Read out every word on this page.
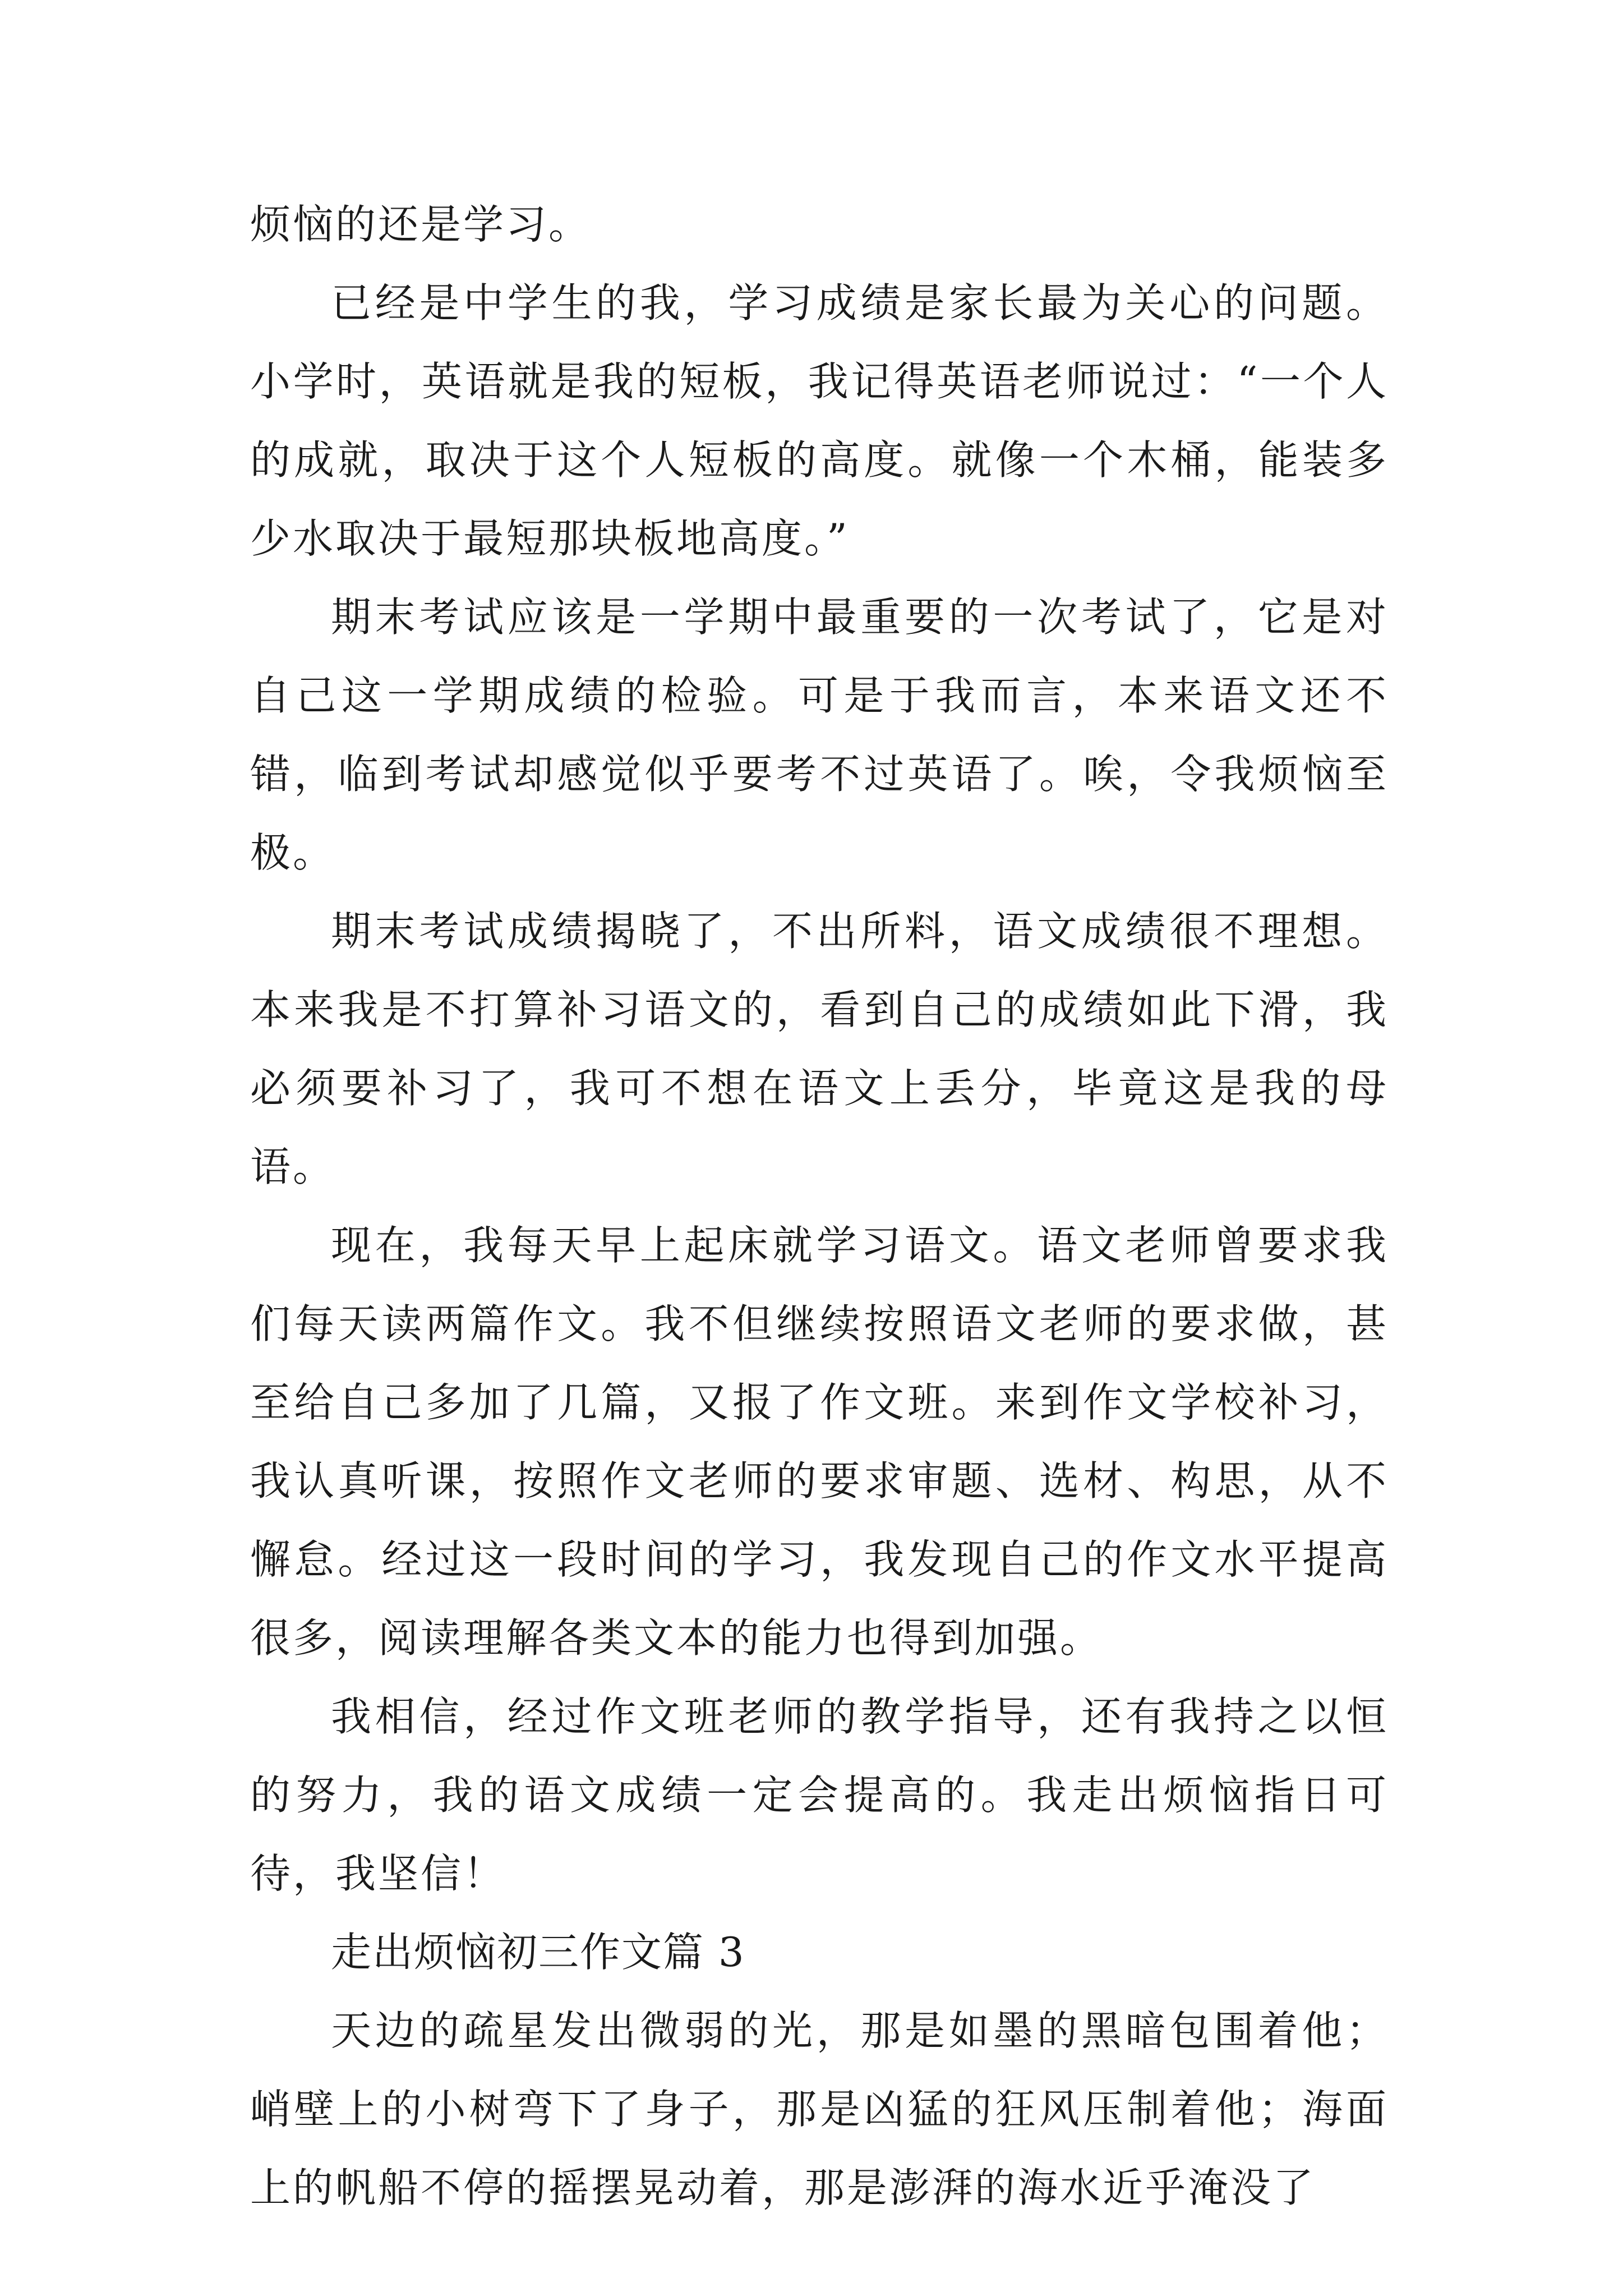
烦恼的还是学习。

已经是中学生的我，学习成绩是家长最为关心的问题。小学时，英语就是我的短板，我记得英语老师说过：“一个人的成就，取决于这个人短板的高度。就像一个木桶，能装多少水取决于最短那块板地高度。”

期末考试应该是一学期中最重要的一次考试了，它是对自己这一学期成绩的检验。可是于我而言，本来语文还不错，临到考试却感觉似乎要考不过英语了。唉，令我烦恼至极。

期末考试成绩揭晓了，不出所料，语文成绩很不理想。本来我是不打算补习语文的，看到自己的成绩如此下滑，我必须要补习了，我可不想在语文上丢分，毕竟这是我的母语。

现在，我每天早上起床就学习语文。语文老师曾要求我们每天读两篇作文。我不但继续按照语文老师的要求做，甚至给自己多加了几篇，又报了作文班。来到作文学校补习，我认真听课，按照作文老师的要求审题、选材、构思，从不懈怠。经过这一段时间的学习，我发现自己的作文水平提高很多，阅读理解各类文本的能力也得到加强。

我相信，经过作文班老师的教学指导，还有我持之以恒的努力，我的语文成绩一定会提高的。我走出烦恼指日可待，我坚信！

走出烦恼初三作文篇 3

天边的疏星发出微弱的光，那是如墨的黑暗包围着他；峭壁上的小树弯下了身子，那是凶猛的狂风压制着他；海面上的帆船不停的摇摆晃动着，那是澎湃的海水近乎淹没了
